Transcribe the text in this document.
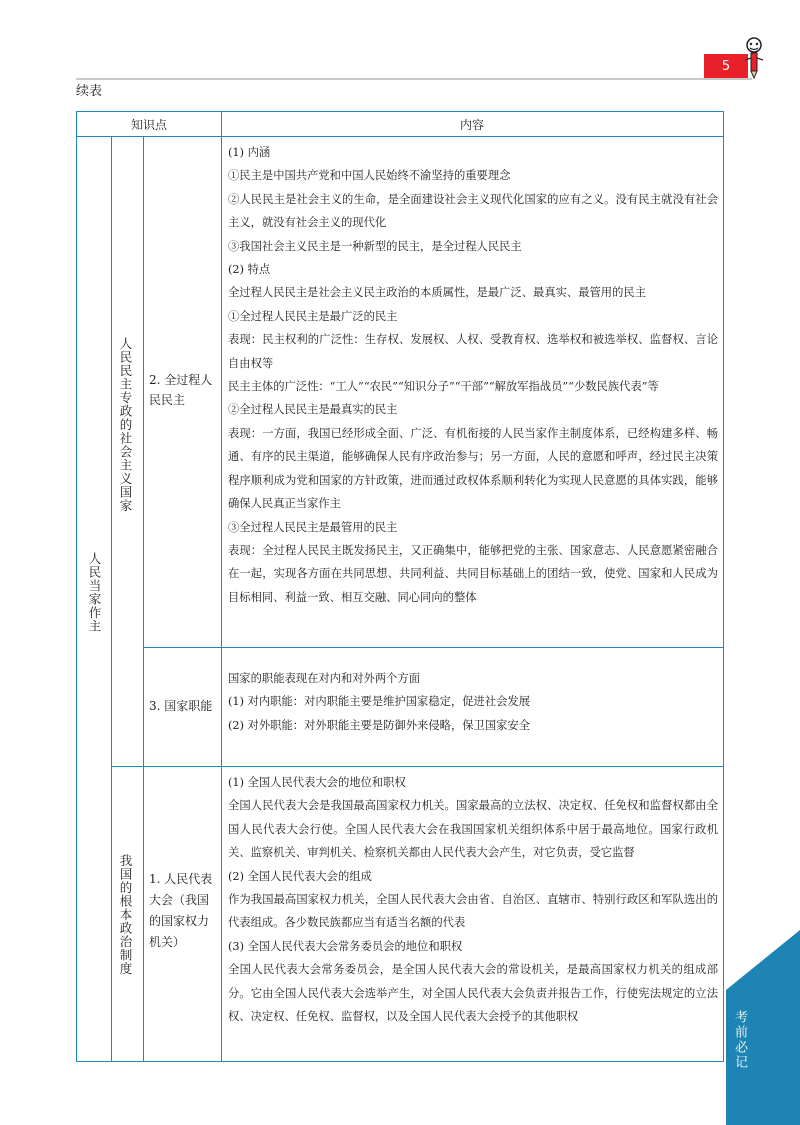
5
续表
知识点	内容
人民当家作主
人民民主专政的社会主义国家
我国的根本政治制度
2. 全过程人民民主
3. 国家职能
1. 人民代表大会（我国的国家权力机关）

(1) 内涵

①民主是中国共产党和中国人民始终不渝坚持的重要理念

②人民民主是社会主义的生命，是全面建设社会主义现代化国家的应有之义。没有民主就没有社会主义，就没有社会主义的现代化

③我国社会主义民主是一种新型的民主，是全过程人民民主

(2) 特点

全过程人民民主是社会主义民主政治的本质属性，是最广泛、最真实、最管用的民主

①全过程人民民主是最广泛的民主

表现：民主权利的广泛性：生存权、发展权、人权、受教育权、选举权和被选举权、监督权、言论自由权等

民主主体的广泛性：“工人”“农民”“知识分子”“干部”“解放军指战员”“少数民族代表”等

②全过程人民民主是最真实的民主

表现：一方面，我国已经形成全面、广泛、有机衔接的人民当家作主制度体系，已经构建多样、畅通、有序的民主渠道，能够确保人民有序政治参与；另一方面，人民的意愿和呼声，经过民主决策程序顺利成为党和国家的方针政策，进而通过政权体系顺利转化为实现人民意愿的具体实践，能够确保人民真正当家作主

③全过程人民民主是最管用的民主

表现：全过程人民民主既发扬民主，又正确集中，能够把党的主张、国家意志、人民意愿紧密融合在一起，实现各方面在共同思想、共同利益、共同目标基础上的团结一致，使党、国家和人民成为目标相同、利益一致、相互交融、同心同向的整体

国家的职能表现在对内和对外两个方面

(1) 对内职能：对内职能主要是维护国家稳定，促进社会发展

(2) 对外职能：对外职能主要是防御外来侵略，保卫国家安全

(1) 全国人民代表大会的地位和职权

全国人民代表大会是我国最高国家权力机关。国家最高的立法权、决定权、任免权和监督权都由全国人民代表大会行使。全国人民代表大会在我国国家机关组织体系中居于最高地位。国家行政机关、监察机关、审判机关、检察机关都由人民代表大会产生，对它负责，受它监督

(2) 全国人民代表大会的组成

作为我国最高国家权力机关，全国人民代表大会由省、自治区、直辖市、特别行政区和军队选出的代表组成。各少数民族都应当有适当名额的代表

(3) 全国人民代表大会常务委员会的地位和职权

全国人民代表大会常务委员会，是全国人民代表大会的常设机关，是最高国家权力机关的组成部分。它由全国人民代表大会选举产生，对全国人民代表大会负责并报告工作，行使宪法规定的立法权、决定权、任免权、监督权，以及全国人民代表大会授予的其他职权	考前必记
